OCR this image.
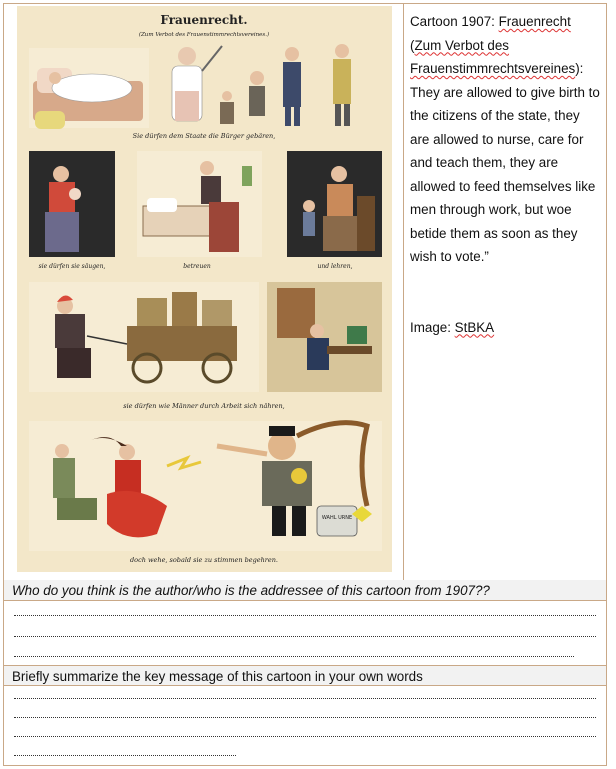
Frauenrecht.
(Zum Verbot des Frauenstimmrechtsvereines.)
Sie dürfen dem Staate die Bürger gebären,
sie dürfen sie säugen,	betreuen	und lehren,
sie dürfen wie Männer durch Arbeit sich nähren,
WAHL URNE
doch wehe, sobald sie zu stimmen begehren.

Cartoon 1907: Frauenrecht

(Zum Verbot des

Frauenstimmrechtsvereines):

They are allowed to give birth to the citizens of the state, they are allowed to nurse, care for and teach them, they are allowed to feed themselves like men through work, but woe betide them as soon as they wish to vote.”

Image: StBKA

Who do you think is the author/who is the addressee of this cartoon from 1907??
Briefly summarize the key message of this cartoon in your own words
